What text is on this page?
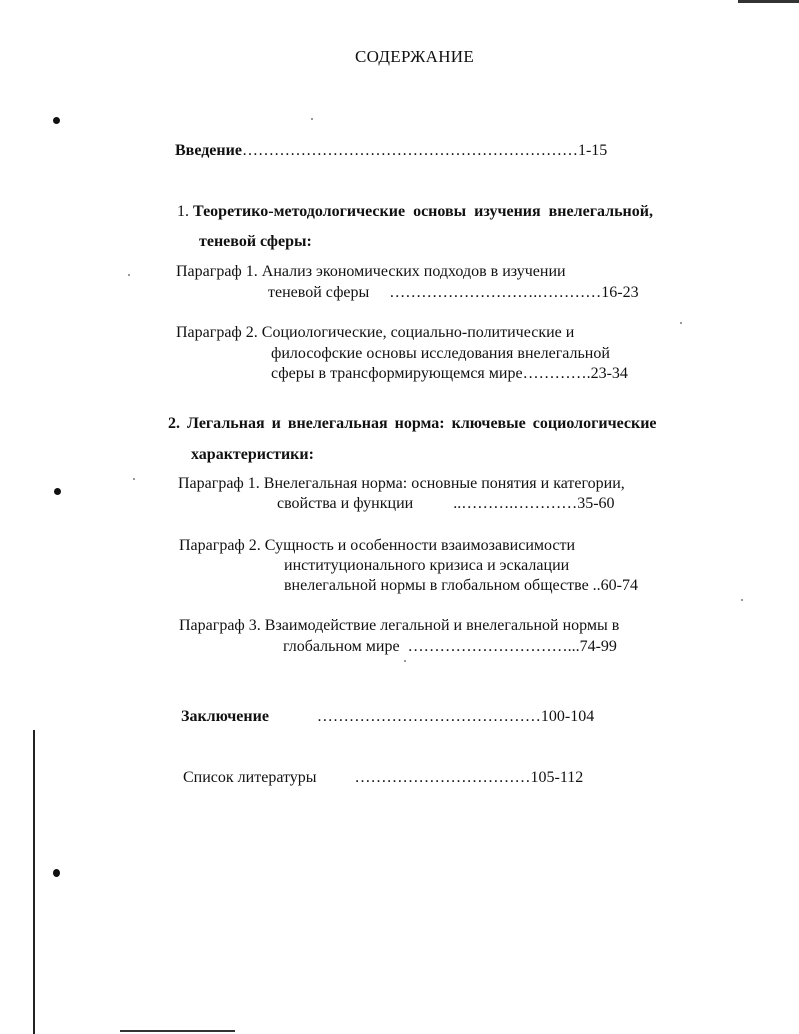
СОДЕРЖАНИЕ
Введение………………………………………………………1-15
1. Теоретико-методологические основы изучения внелегальной,
теневой сферы:
Параграф 1. Анализ экономических подходов в изучении
теневой сферы ……………………….…………16-23
Параграф 2. Социологические, социально-политические и
философские основы исследования внелегальной
сферы в трансформирующемся мире………….23-34
2. Легальная и внелегальная норма: ключевые социологические
характеристики:
Параграф 1. Внелегальная норма: основные понятия и категории,
свойства и функции	..……….…………35-60
Параграф 2. Сущность и особенности взаимозависимости
институционального кризиса и эскалации
внелегальной нормы в глобальном обществе ..60-74
Параграф 3. Взаимодействие легальной и внелегальной нормы в
глобальном мире …………………………...74-99
Заключение	……………………………………100-104
Список литературы ……………………………105-112
